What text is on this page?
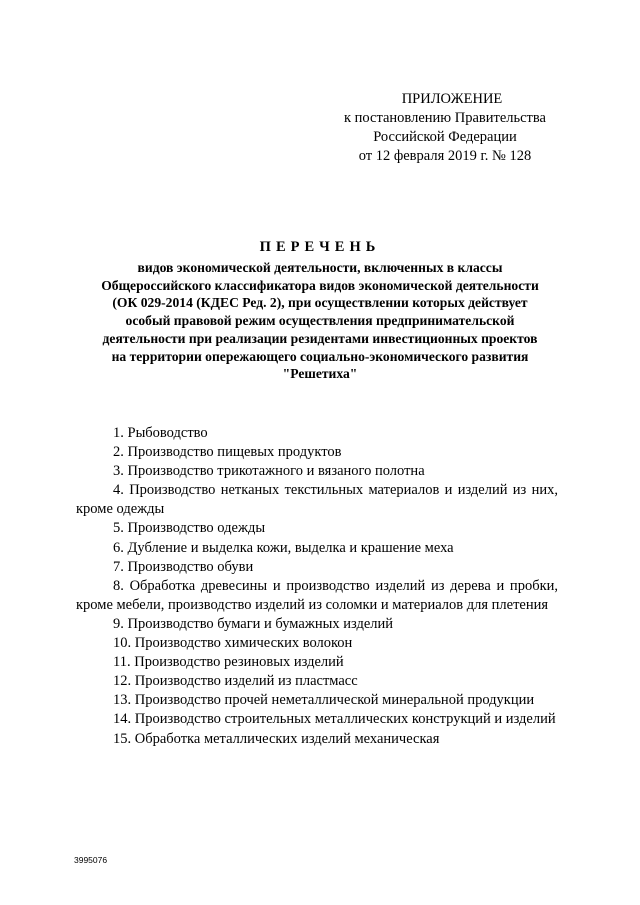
ПРИЛОЖЕНИЕ
к постановлению Правительства
Российской Федерации
от 12 февраля 2019 г. № 128
ПЕРЕЧЕНЬ
видов экономической деятельности, включенных в классы
Общероссийского классификатора видов экономической деятельности
(ОК 029-2014 (КДЕС Ред. 2), при осуществлении которых действует
особый правовой режим осуществления предпринимательской
деятельности при реализации резидентами инвестиционных проектов
на территории опережающего социально-экономического развития
"Решетиха"
1. Рыбоводство
2. Производство пищевых продуктов
3. Производство трикотажного и вязаного полотна
4. Производство нетканых текстильных материалов и изделий из них, кроме одежды
5. Производство одежды
6. Дубление и выделка кожи, выделка и крашение меха
7. Производство обуви
8. Обработка древесины и производство изделий из дерева и пробки, кроме мебели, производство изделий из соломки и материалов для плетения
9. Производство бумаги и бумажных изделий
10. Производство химических волокон
11. Производство резиновых изделий
12. Производство изделий из пластмасс
13. Производство прочей неметаллической минеральной продукции
14. Производство строительных металлических конструкций и изделий
15. Обработка металлических изделий механическая
3995076
